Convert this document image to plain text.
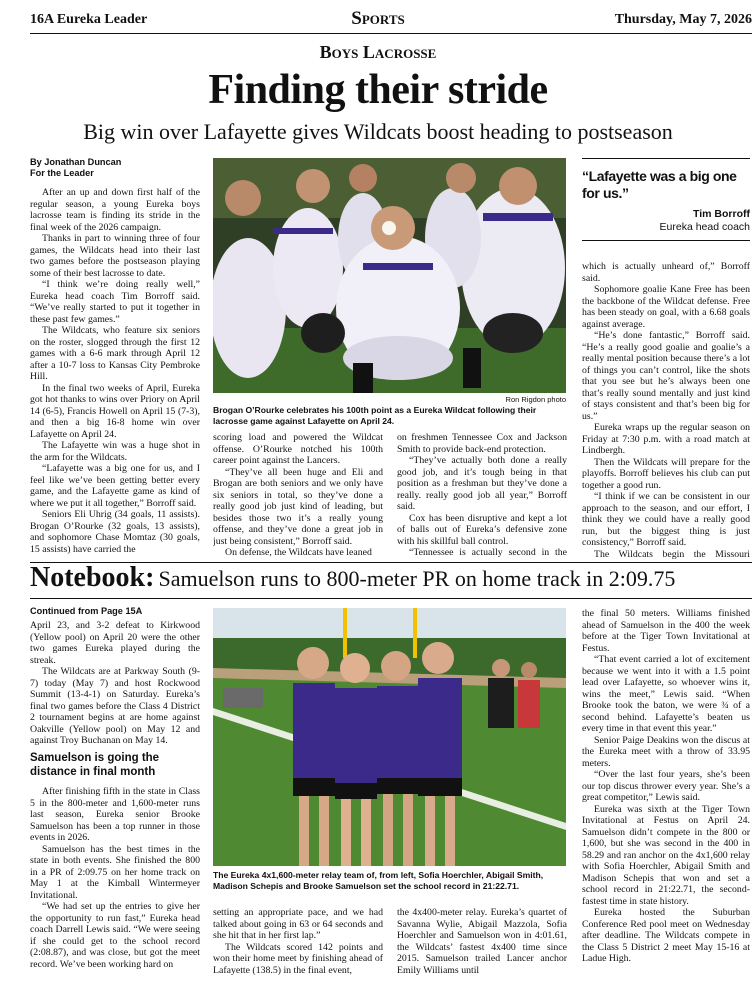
16A Eureka Leader	Sports	Thursday, May 7, 2026
Boys Lacrosse
Finding their stride
Big win over Lafayette gives Wildcats boost heading to postseason
By Jonathan Duncan
For the Leader

After an up and down first half of the regular season, a young Eureka boys lacrosse team is finding its stride in the final week of the 2026 campaign.

Thanks in part to winning three of four games, the Wildcats head into their last two games before the postseason playing some of their best lacrosse to date.

“I think we’re doing really well,” Eureka head coach Tim Borroff said. “We’ve really started to put it together in these past few games.”

The Wildcats, who feature six seniors on the roster, slogged through the first 12 games with a 6-6 mark through April 12 after a 10-7 loss to Kansas City Pembroke Hill.

In the final two weeks of April, Eureka got hot thanks to wins over Priory on April 14 (6-5), Francis Howell on April 15 (7-3), and then a big 16-8 home win over Lafayette on April 24.

The Lafayette win was a huge shot in the arm for the Wildcats.

“Lafayette was a big one for us, and I feel like we’ve been getting better every game, and the Lafayette game as kind of where we put it all together,” Borroff said.

Seniors Eli Uhrig (34 goals, 11 assists). Brogan O’Rourke (32 goals, 13 assists), and sophomore Chase Momtaz (30 goals, 15 assists) have carried the

Ron Rigdon photo
Brogan O’Rourke celebrates his 100th point as a Eureka Wildcat following their lacrosse game against Lafayette on April 24.

scoring load and powered the Wildcat offense. O’Rourke notched his 100th career point against the Lancers.

“They’ve all been huge and Eli and Brogan are both seniors and we only have six seniors in total, so they’ve done a really good job just kind of leading, but besides those two it’s a really young offense, and they’ve done a great job in just being consistent,” Borroff said.

On defense, the Wildcats have leaned

on freshmen Tennessee Cox and Jackson Smith to provide back-end protection.

“They’ve actually both done a really good job, and it’s tough being in that position as a freshman but they’ve done a really. really good job all year,” Borroff said.

Cox has been disruptive and kept a lot of balls out of Eureka’s defensive zone with his skillful ball control.

“Tennessee is actually second in the

“Lafayette was a big one for us.”
Tim Borroff
Eureka head coach

which is actually unheard of,” Borroff said.

Sophomore goalie Kane Free has been the backbone of the Wildcat defense. Free has been steady on goal, with a 6.68 goals against average.

“He’s done fantastic,” Borroff said. “He’s a really good goalie and goalie’s a really mental position because there’s a lot of things you can’t control, like the shots that you see but he’s always been one that’s really sound mentally and just kind of stays consistent and that’s been big for us.”

Eureka wraps up the regular season on Friday at 7:30 p.m. with a road match at Lindbergh.

Then the Wildcats will prepare for the playoffs. Borroff believes his club can put together a good run.

“I think if we can be consistent in our approach to the season, and our effort, I think they we could have a really good run, but the biggest thing is just consistency,” Borroff said.

The Wildcats begin the Missouri

Notebook: Samuelson runs to 800-meter PR on home track in 2:09.75
Continued from Page 15A

April 23, and 3-2 defeat to Kirkwood (Yellow pool) on April 20 were the other two games Eureka played during the streak.

The Wildcats are at Parkway South (9-7) today (May 7) and host Rockwood Summit (13-4-1) on Saturday. Eureka’s final two games before the Class 4 District 2 tournament begins at are home against Oakville (Yellow pool) on May 12 and against Troy Buchanan on May 14.

Samuelson is going the distance in final month

After finishing fifth in the state in Class 5 in the 800-meter and 1,600-meter runs last season, Eureka senior Brooke Samuelson has been a top runner in those events in 2026.

Samuelson has the best times in the state in both events. She finished the 800 in a PR of 2:09.75 on her home track on May 1 at the Kimball Wintermeyer Invitational.

“We had set up the entries to give her the opportunity to run fast,” Eureka head coach Darrell Lewis said. “We were seeing if she could get to the school record (2:08.87), and was close, but got the meet record. We’ve been working hard on

The Eureka 4x1,600-meter relay team of, from left, Sofia Hoerchler, Abigail Smith, Madison Schepis and Brooke Samuelson set the school record in 21:22.71.

setting an appropriate pace, and we had talked about going in 63 or 64 seconds and she hit that in her first lap.”

The Wildcats scored 142 points and won their home meet by finishing ahead of Lafayette (138.5) in the final event,

the 4x400-meter relay. Eureka’s quartet of Savanna Wylie, Abigail Mazzola, Sofia Hoerchler and Samuelson won in 4:01.61, the Wildcats’ fastest 4x400 time since 2015. Samuelson trailed Lancer anchor Emily Williams until

the final 50 meters. Williams finished ahead of Samuelson in the 400 the week before at the Tiger Town Invitational at Festus.

“That event carried a lot of excitement because we went into it with a 1.5 point lead over Lafayette, so whoever wins it, wins the meet,” Lewis said. “When Brooke took the baton, we were ¾ of a second behind. Lafayette’s beaten us every time in that event this year.”

Senior Paige Deakins won the discus at the Eureka meet with a throw of 33.95 meters.

“Over the last four years, she’s been our top discus thrower every year. She’s a great competitor,” Lewis said.

Eureka was sixth at the Tiger Town Invitational at Festus on April 24. Samuelson didn’t compete in the 800 or 1,600, but she was second in the 400 in 58.29 and ran anchor on the 4x1,600 relay with Sofia Hoerchler, Abigail Smith and Madison Schepis that won and set a school record in 21:22.71, the second-fastest time in state history.

Eureka hosted the Suburban Conference Red pool meet on Wednesday after deadline. The Wildcats compete in the Class 5 District 2 meet May 15-16 at Ladue High.
